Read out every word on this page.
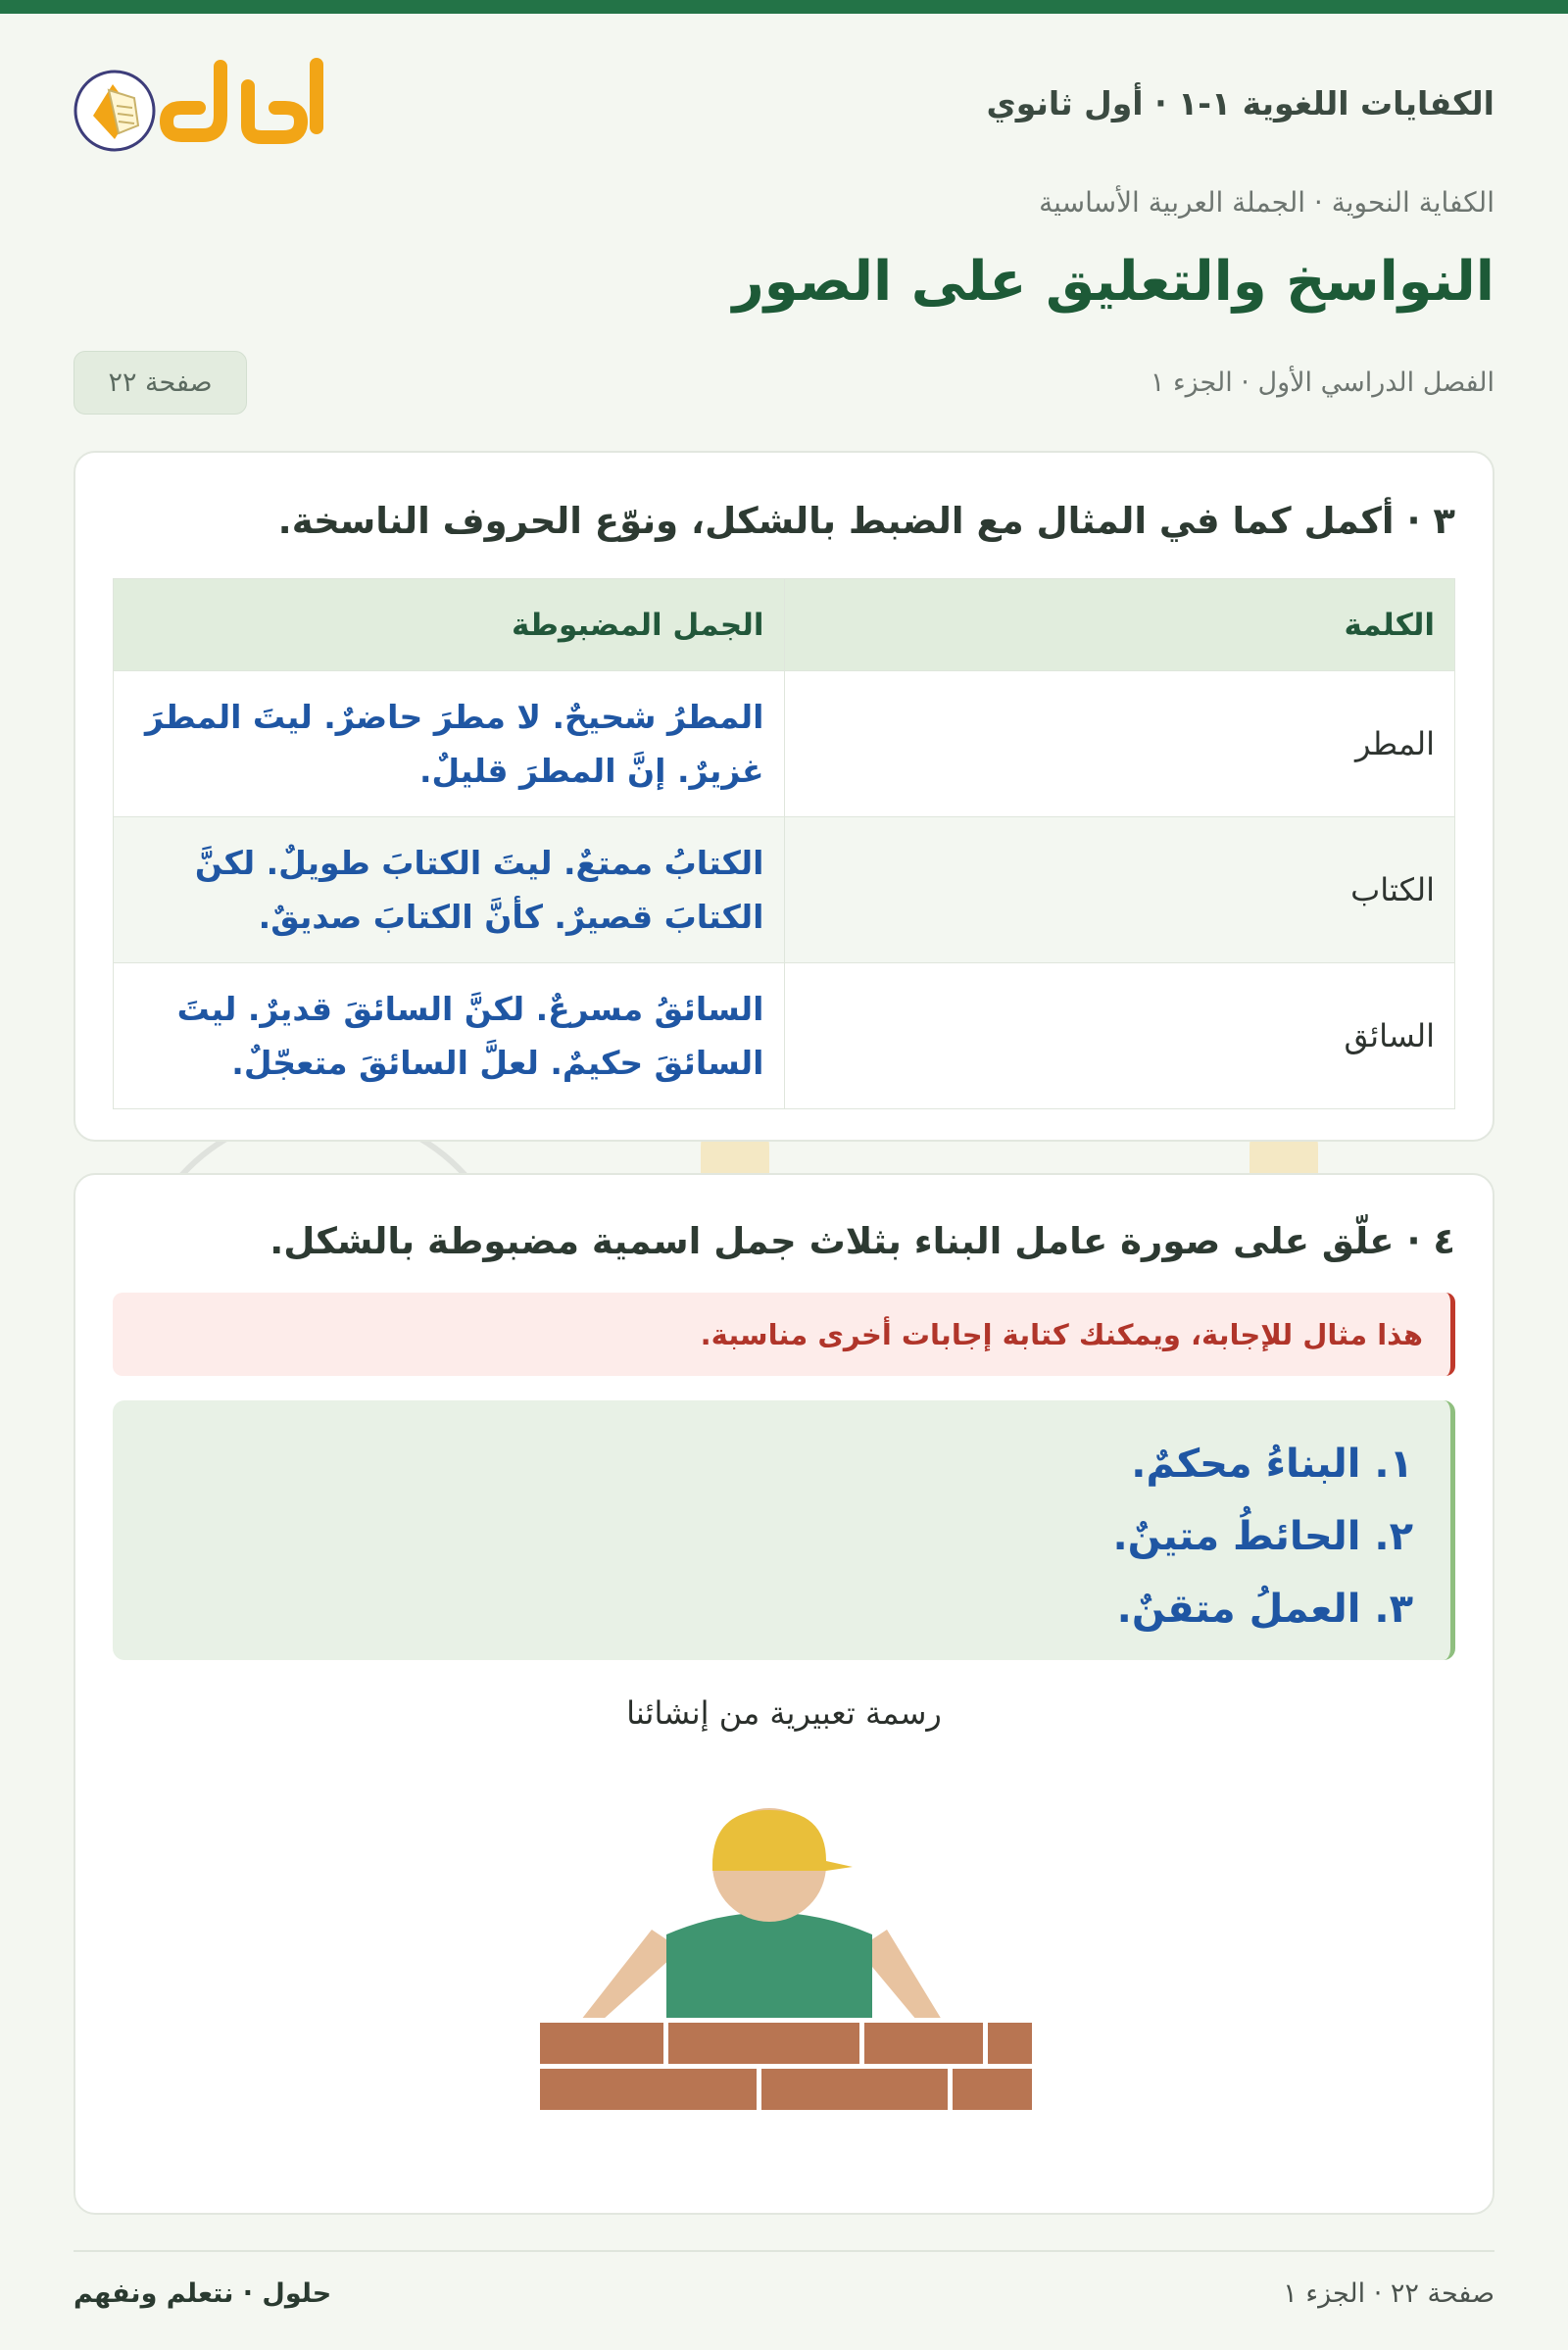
الكفايات اللغوية ١-١ · أول ثانوي
الكفاية النحوية · الجملة العربية الأساسية
النواسخ والتعليق على الصور
الفصل الدراسي الأول · الجزء ١
صفحة ٢٢
٣ · أكمل كما في المثال مع الضبط بالشكل، ونوّع الحروف الناسخة.
الكلمة	الجمل المضبوطة
المطر	المطرُ شحيحٌ. لا مطرَ حاضرٌ. ليتَ المطرَ غزيرٌ. إنَّ المطرَ قليلٌ.
الكتاب	الكتابُ ممتعٌ. ليتَ الكتابَ طويلٌ. لكنَّ الكتابَ قصيرٌ. كأنَّ الكتابَ صديقٌ.
السائق	السائقُ مسرعٌ. لكنَّ السائقَ قديرٌ. ليتَ السائقَ حكيمٌ. لعلَّ السائقَ متعجّلٌ.
٤ · علّق على صورة عامل البناء بثلاث جمل اسمية مضبوطة بالشكل.
هذا مثال للإجابة، ويمكنك كتابة إجابات أخرى مناسبة.
١. البناءُ محكمٌ.
٢. الحائطُ متينٌ.
٣. العملُ متقنٌ.
رسمة تعبيرية من إنشائنا
صفحة ٢٢ · الجزء ١
حلول · نتعلم ونفهم
